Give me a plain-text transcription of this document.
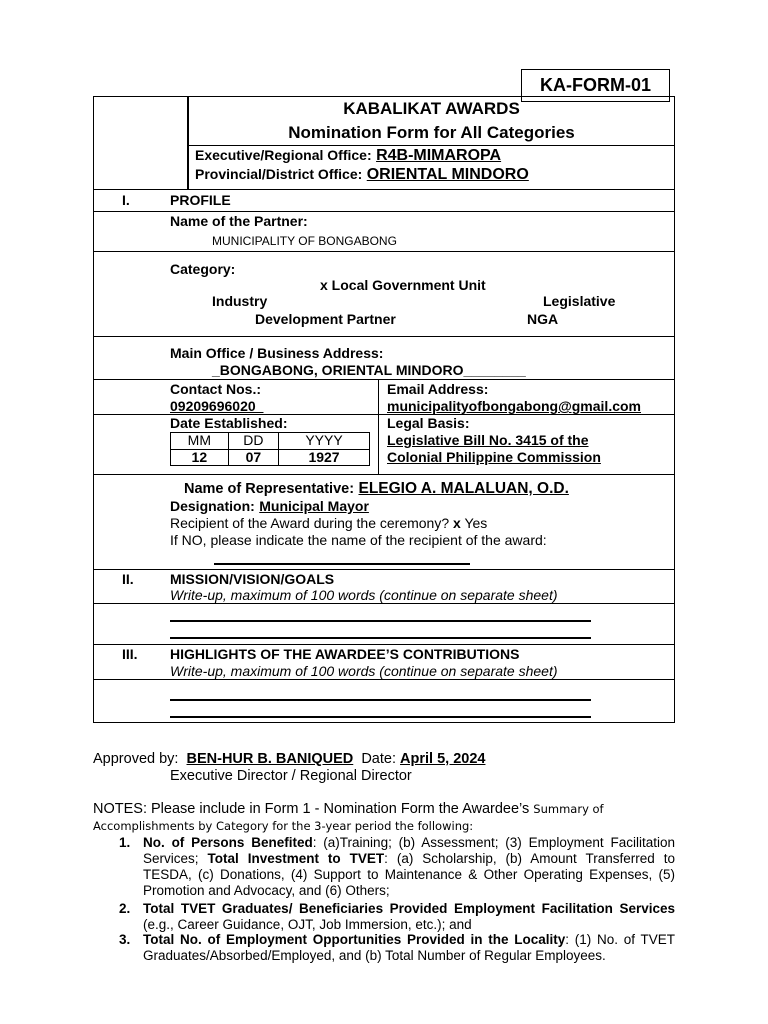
KA-FORM-01
KABALIKAT AWARDS
Nomination Form for All Categories
Executive/Regional Office: R4B-MIMAROPA
Provincial/District Office: ORIENTAL MINDORO
I.	PROFILE
Name of the Partner:
MUNICIPALITY OF BONGABONG
Category:
x Local Government Unit
Industry	Legislative
Development Partner	NGA
Main Office / Business Address:
_BONGABONG, ORIENTAL MINDORO________
Contact Nos.:
09209696020_
Email Address:
municipalityofbongabong@gmail.com
Date Established:
MM	DD	YYYY
12	07	1927
Legal Basis:
Legislative Bill No. 3415 of the
Colonial Philippine Commission
Name of Representative: ELEGIO A. MALALUAN, O.D.
Designation: Municipal Mayor
Recipient of the Award during the ceremony? x Yes
If NO, please indicate the name of the recipient of the award:
II.	MISSION/VISION/GOALS
Write-up, maximum of 100 words (continue on separate sheet)
III. HIGHLIGHTS OF THE AWARDEE’S CONTRIBUTIONS
Write-up, maximum of 100 words (continue on separate sheet)
Approved by: BEN-HUR B. BANIQUED Date: April 5, 2024
Executive Director / Regional Director
NOTES: Please include in Form 1 - Nomination Form the Awardee’s Summary of
Accomplishments by Category for the 3-year period the following:
1. No. of Persons Benefited: (a)Training; (b) Assessment; (3) Employment Facilitation Services; Total Investment to TVET: (a) Scholarship, (b) Amount Transferred to TESDA, (c) Donations, (4) Support to Maintenance & Other Operating Expenses, (5) Promotion and Advocacy, and (6) Others;
2. Total TVET Graduates/ Beneficiaries Provided Employment Facilitation Services (e.g., Career Guidance, OJT, Job Immersion, etc.); and
3. Total No. of Employment Opportunities Provided in the Locality: (1) No. of TVET Graduates/Absorbed/Employed, and (b) Total Number of Regular Employees.
